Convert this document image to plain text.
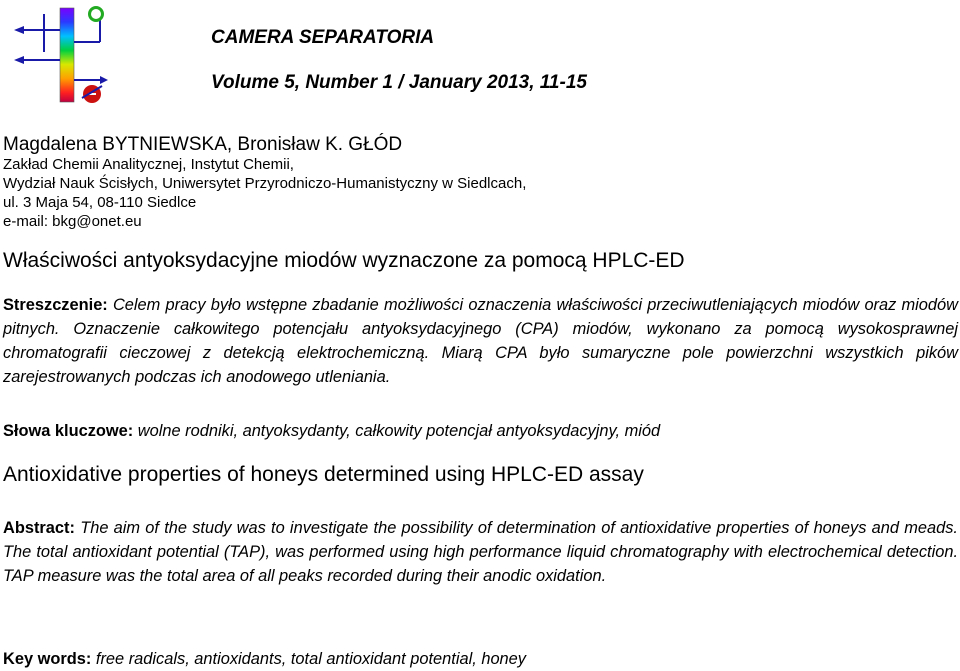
CAMERA SEPARATORIA

Volume 5, Number 1 / January 2013, 11-15

Magdalena BYTNIEWSKA, Bronisław K. GŁÓD

Zakład Chemii Analitycznej, Instytut Chemii,

Wydział Nauk Ścisłych, Uniwersytet Przyrodniczo-Humanistyczny w Siedlcach,

ul. 3 Maja 54, 08-110 Siedlce

e-mail: bkg@onet.eu

Właściwości antyoksydacyjne miodów wyznaczone za pomocą HPLC-ED

Streszczenie: Celem pracy było wstępne zbadanie możliwości oznaczenia właściwości przeciwutleniających miodów oraz miodów pitnych. Oznaczenie całkowitego potencjału antyoksydacyjnego (CPA) miodów, wykonano za pomocą wysokosprawnej chromatografii cieczowej z detekcją elektrochemiczną. Miarą CPA było sumaryczne pole powierzchni wszystkich pików zarejestrowanych podczas ich anodowego utleniania.

Słowa kluczowe: wolne rodniki, antyoksydanty, całkowity potencjał antyoksydacyjny, miód

Antioxidative properties of honeys determined using HPLC-ED assay

Abstract: The aim of the study was to investigate the possibility of determination of antioxidative properties of honeys and meads. The total antioxidant potential (TAP), was performed using high performance liquid chromatography with electrochemical detection. TAP measure was the total area of all peaks recorded during their anodic oxidation.

Key words: free radicals, antioxidants, total antioxidant potential, honey
